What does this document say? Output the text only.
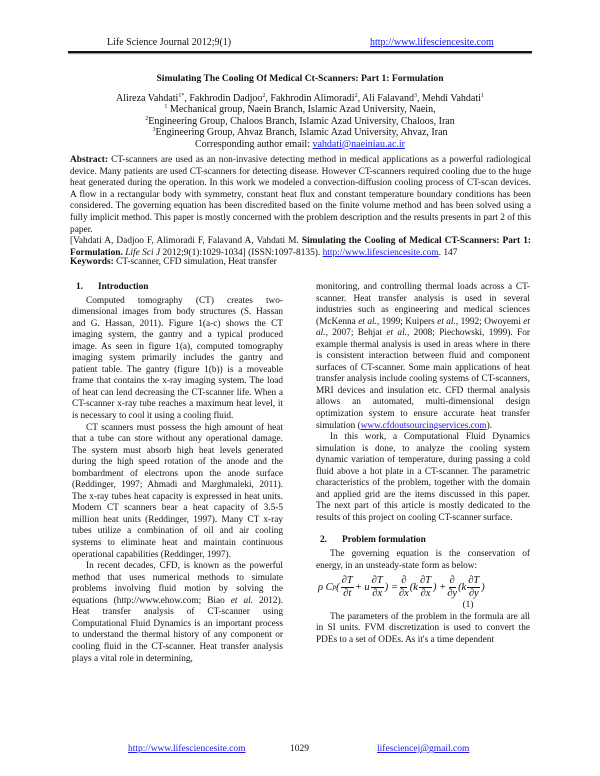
Life Science Journal 2012;9(1)	http://www.lifesciencesite.com
Simulating The Cooling Of Medical Ct-Scanners: Part 1: Formulation
Alireza Vahdati$^{1*}$, Fakhrodin Dadjoo$^2$, Fakhrodin Alimoradi$^2$, Ali Falavand$^3$, Mehdi Vahdati$^1$
$^1$ Mechanical group, Naein Branch, Islamic Azad University, Naein,
$^2$Engineering Group, Chaloos Branch, Islamic Azad University, Chaloos, Iran
$^3$Engineering Group, Ahvaz Branch, Islamic Azad University, Ahvaz, Iran
Corresponding author email: vahdati@naeiniau.ac.ir

Abstract: CT-scanners are used as an non-invasive detecting method in medical applications as a powerful radiological device. Many patients are used CT-scanners for detecting disease. However CT-scanners required cooling due to the huge heat generated during the operation. In this work we modeled a convection-diffusion cooling process of CT-scan devices. A flow in a rectangular body with symmetry, constant heat flux and constant temperature boundary conditions has been considered. The governing equation has been discredited based on the finite volume method and has been solved using a fully implicit method. This paper is mostly concerned with the problem description and the results presents in part 2 of this paper.

[Vahdati A, Dadjoo F, Alimoradi F, Falavand A, Vahdati M. Simulating the Cooling of Medical CT-Scanners: Part 1: Formulation. Life Sci J 2012;9(1):1029-1034] (ISSN:1097-8135). http://www.lifesciencesite.com. 147

Keywords: CT-scanner, CFD simulation, Heat transfer
1. Introduction

Computed tomography (CT) creates two-dimensional images from body structures (S. Hassan and G. Hassan, 2011). Figure 1(a-c) shows the CT imaging system, the gantry and a typical produced image. As seen in figure 1(a), computed tomography imaging system primarily includes the gantry and patient table. The gantry (figure 1(b)) is a moveable frame that contains the x-ray imaging system. The load of heat can lend decreasing the CT-scanner life. When a CT-scanner x-ray tube reaches a maximum heat level, it is necessary to cool it using a cooling fluid.

CT scanners must possess the high amount of heat that a tube can store without any operational damage. The system must absorb high heat levels generated during the high speed rotation of the anode and the bombardment of electrons upon the anode surface (Reddinger, 1997; Ahmadi and Marghmaleki, 2011). The x-ray tubes heat capacity is expressed in heat units. Modern CT scanners bear a heat capacity of 3.5-5 million heat units (Reddinger, 1997). Many CT x-ray tubes utilize a combination of oil and air cooling systems to eliminate heat and maintain continuous operational capabilities (Reddinger, 1997).

In recent decades, CFD, is known as the powerful method that uses numerical methods to simulate problems involving fluid motion by solving the equations (http://www.ehow.com; Biao et al. 2012). Heat transfer analysis of CT-scanner using Computational Fluid Dynamics is an important process to understand the thermal history of any component or cooling fluid in the CT-scanner. Heat transfer analysis plays a vital role in determining,

monitoring, and controlling thermal loads across a CT-scanner. Heat transfer analysis is used in several industries such as engineering and medical sciences (McKenna et al., 1999; Kuipers et al., 1992; Owoyemi et al., 2007; Behjat et al., 2008; Piechowski, 1999). For example thermal analysis is used in areas where in there is consistent interaction between fluid and component surfaces of CT-scanner. Some main applications of heat transfer analysis include cooling systems of CT-scanners, MRI devices and insulation etc. CFD thermal analysis allows an automated, multi-dimensional design optimization system to ensure accurate heat transfer simulation (www.cfdoutsourcingservices.com).

In this work, a Computational Fluid Dynamics simulation is done, to analyze the cooling system dynamic variation of temperature, during passing a cold fluid above a hot plate in a CT-scanner. The parametric characteristics of the problem, together with the domain and applied grid are the items discussed in this paper. The next part of this article is mostly dedicated to the results of this project on cooling CT-scanner surface.

2. Problem formulation

The governing equation is the conservation of energy, in an unsteady-state form as below:

ρ C p ( $\frac{\partial T}{\partial t} + u \frac{\partial T}{\partial x}$ ) = $\frac{\partial}{\partial x} (k \frac{\partial T}{\partial x}$ ) + $\frac{\partial}{\partial y} (k \frac{\partial T}{\partial y}$ )
(1)

The parameters of the problem in the formula are all in SI units. FVM discretization is used to convert the PDEs to a set of ODEs. As it's a time dependent

http://www.lifesciencesite.com	1029	lifesciencej@gmail.com
